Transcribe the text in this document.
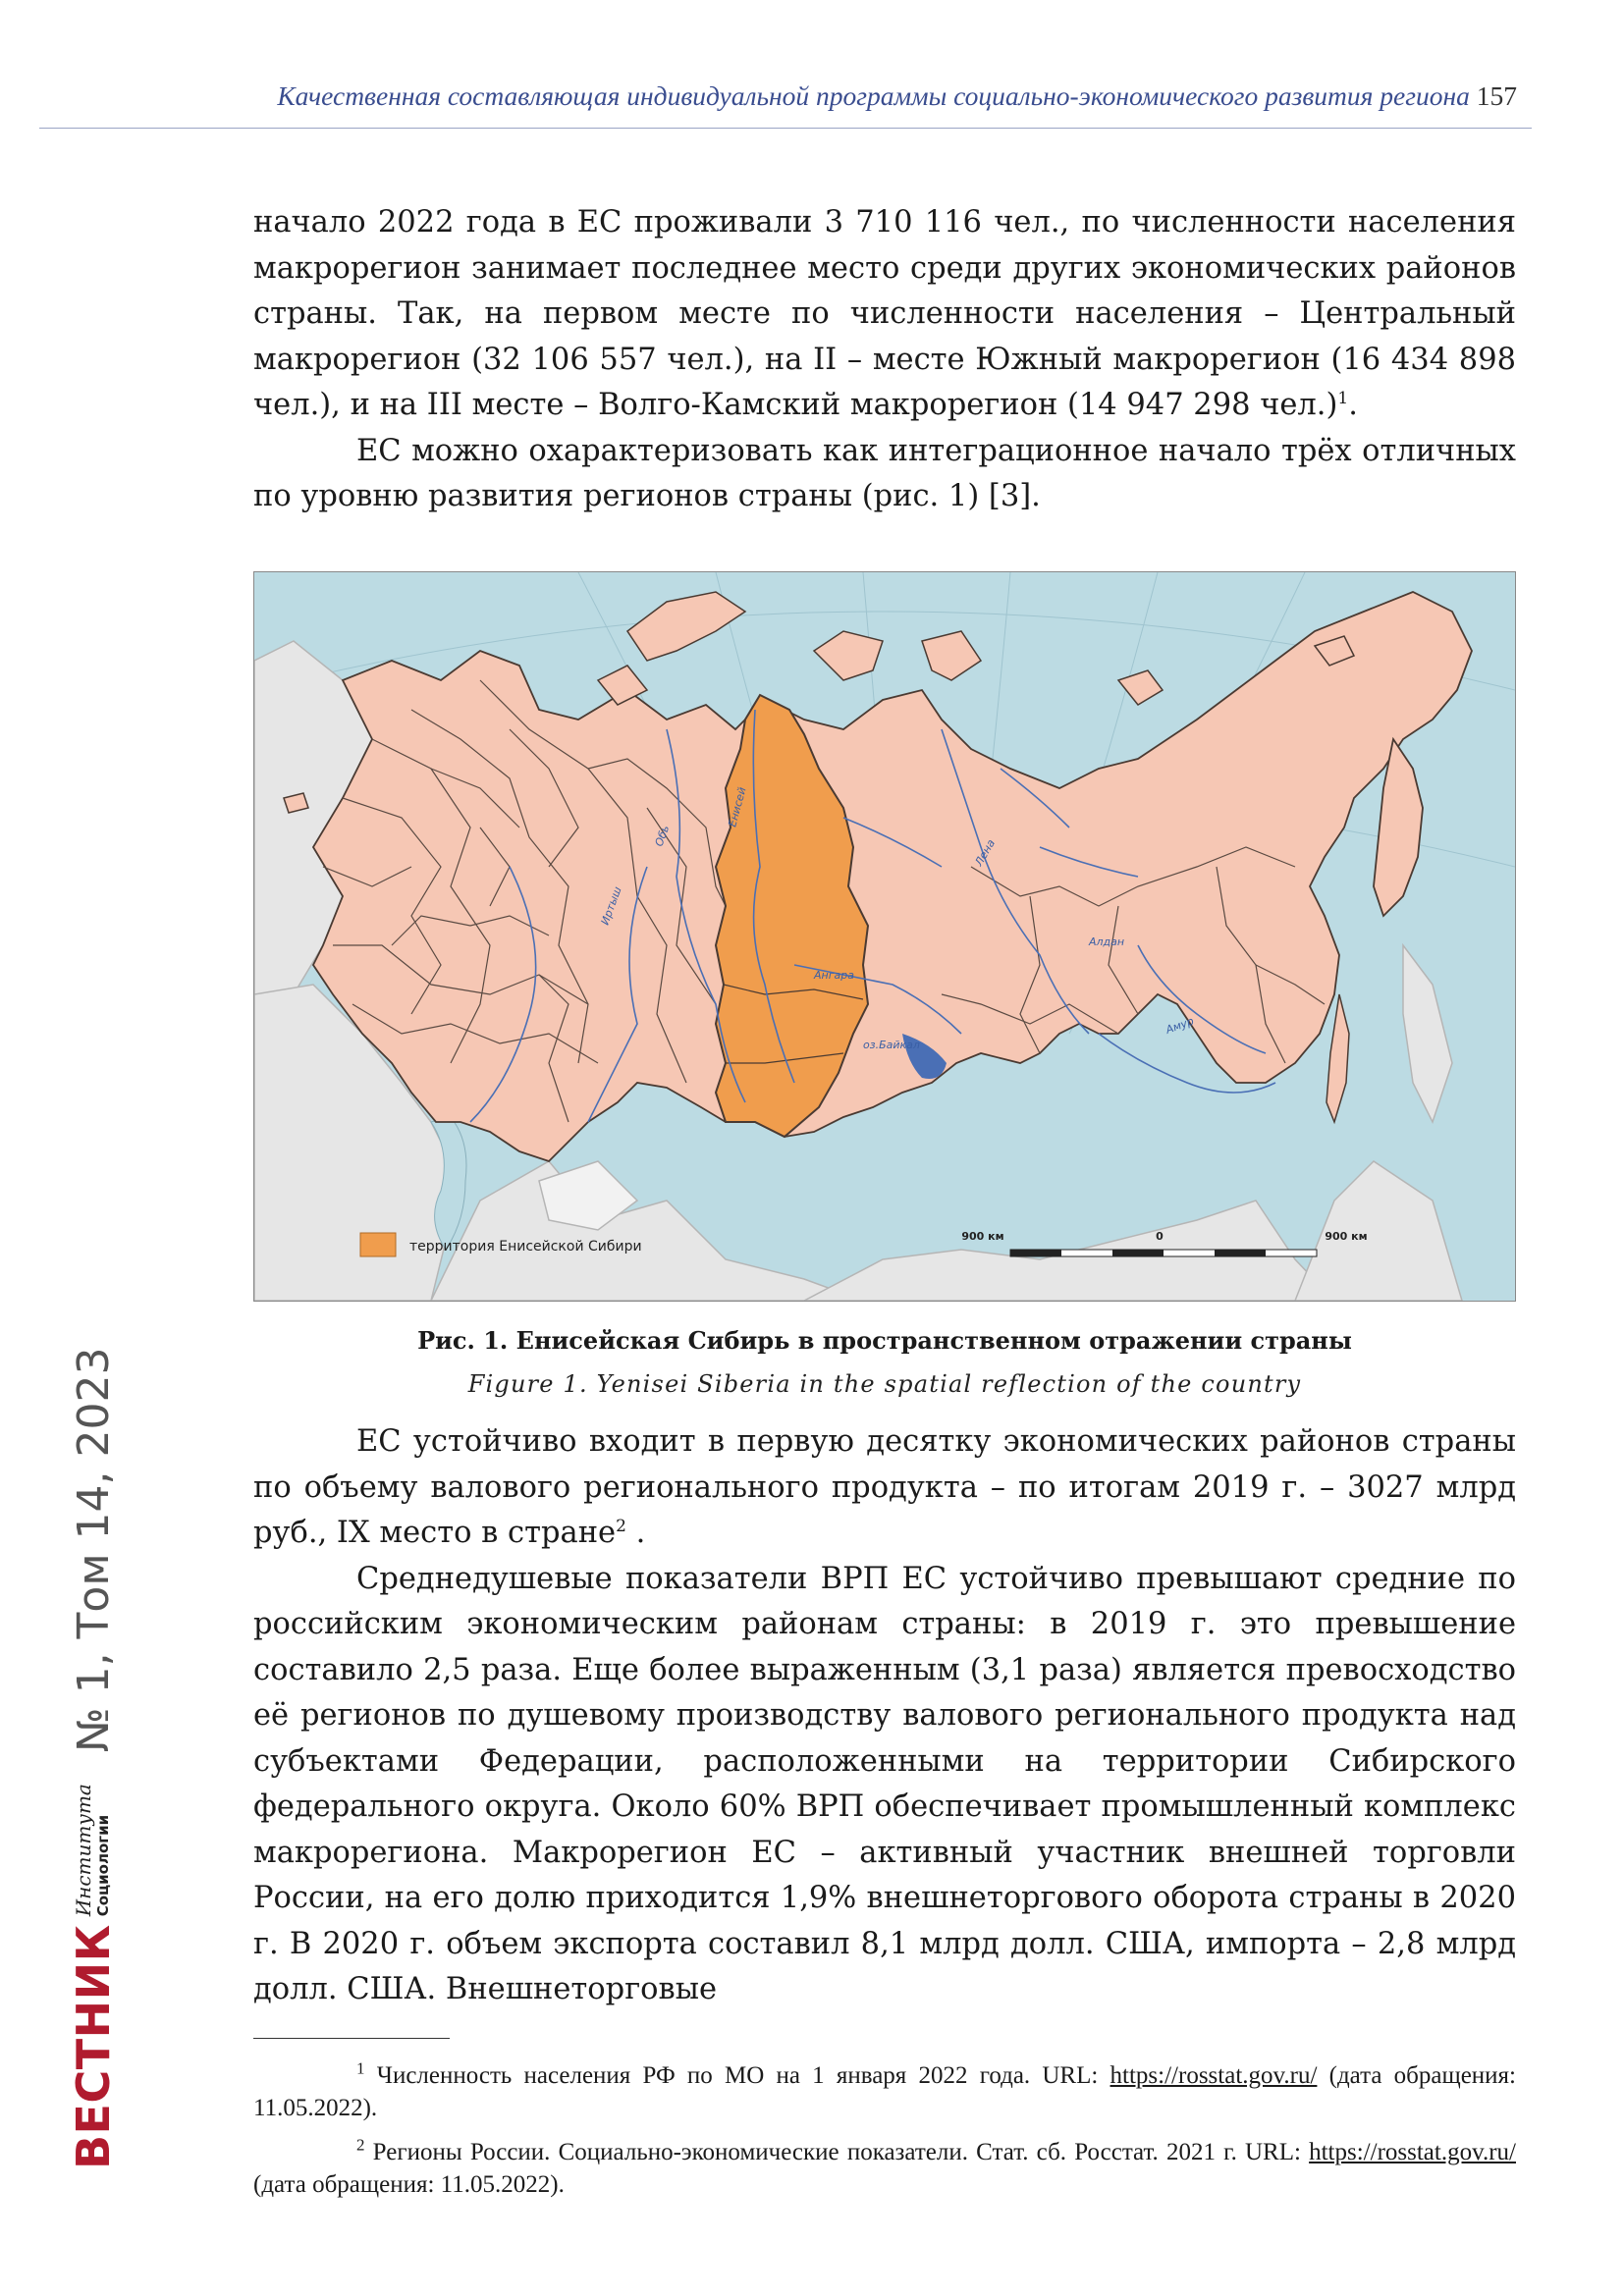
Качественная составляющая индивидуальной программы социально-экономического развития региона 157

начало 2022 года в ЕС проживали 3 710 116 чел., по численности населения макрорегион занимает последнее место среди других экономических районов страны. Так, на первом месте по численности населения – Центральный макрорегион (32 106 557 чел.), на II – месте Южный макрорегион (16 434 898 чел.), и на III месте – Волго-Камский макрорегион (14 947 298 чел.)$^1$.

ЕС можно охарактеризовать как интеграционное начало трёх отличных по уровню развития регионов страны (рис. 1) [3].

Енисей
Обь
Иртыш
Лена
Ангара
оз.Байкал
Алдан
Амур
территория Енисейской Сибири
900 км	0	900 км
Рис. 1. Енисейская Сибирь в пространственном отражении страны
Figure 1. Yenisei Siberia in the spatial reflection of the country

ЕС устойчиво входит в первую десятку экономических районов страны по объему валового регионального продукта – по итогам 2019 г. – 3027 млрд руб., IX место в стране$^2$ .

Среднедушевые показатели ВРП ЕС устойчиво превышают средние по российским экономическим районам страны: в 2019 г. это превышение составило 2,5 раза. Еще более выраженным (3,1 раза) является превосходство её регионов по душевому производству валового регионального продукта над субъектами Федерации, расположенными на территории Сибирского федерального округа. Около 60% ВРП обеспечивает промышленный комплекс макрорегиона. Макрорегион ЕС – активный участник внешней торговли России, на его долю приходится 1,9% внешнеторгового оборота страны в 2020 г. В 2020 г. объем экспорта составил 8,1 млрд долл. США, импорта – 2,8 млрд долл. США. Внешнеторговые

$^1$ Численность населения РФ по МО на 1 января 2022 года. URL: https://rosstat.gov.ru/ (дата обращения: 11.05.2022).

$^2$ Регионы России. Социально-экономические показатели. Стат. сб. Росстат. 2021 г. URL: https://rosstat.gov.ru/ (дата обращения: 11.05.2022).

ВЕСТНИК
Института Социологии
№ 1, Том 14, 2023
